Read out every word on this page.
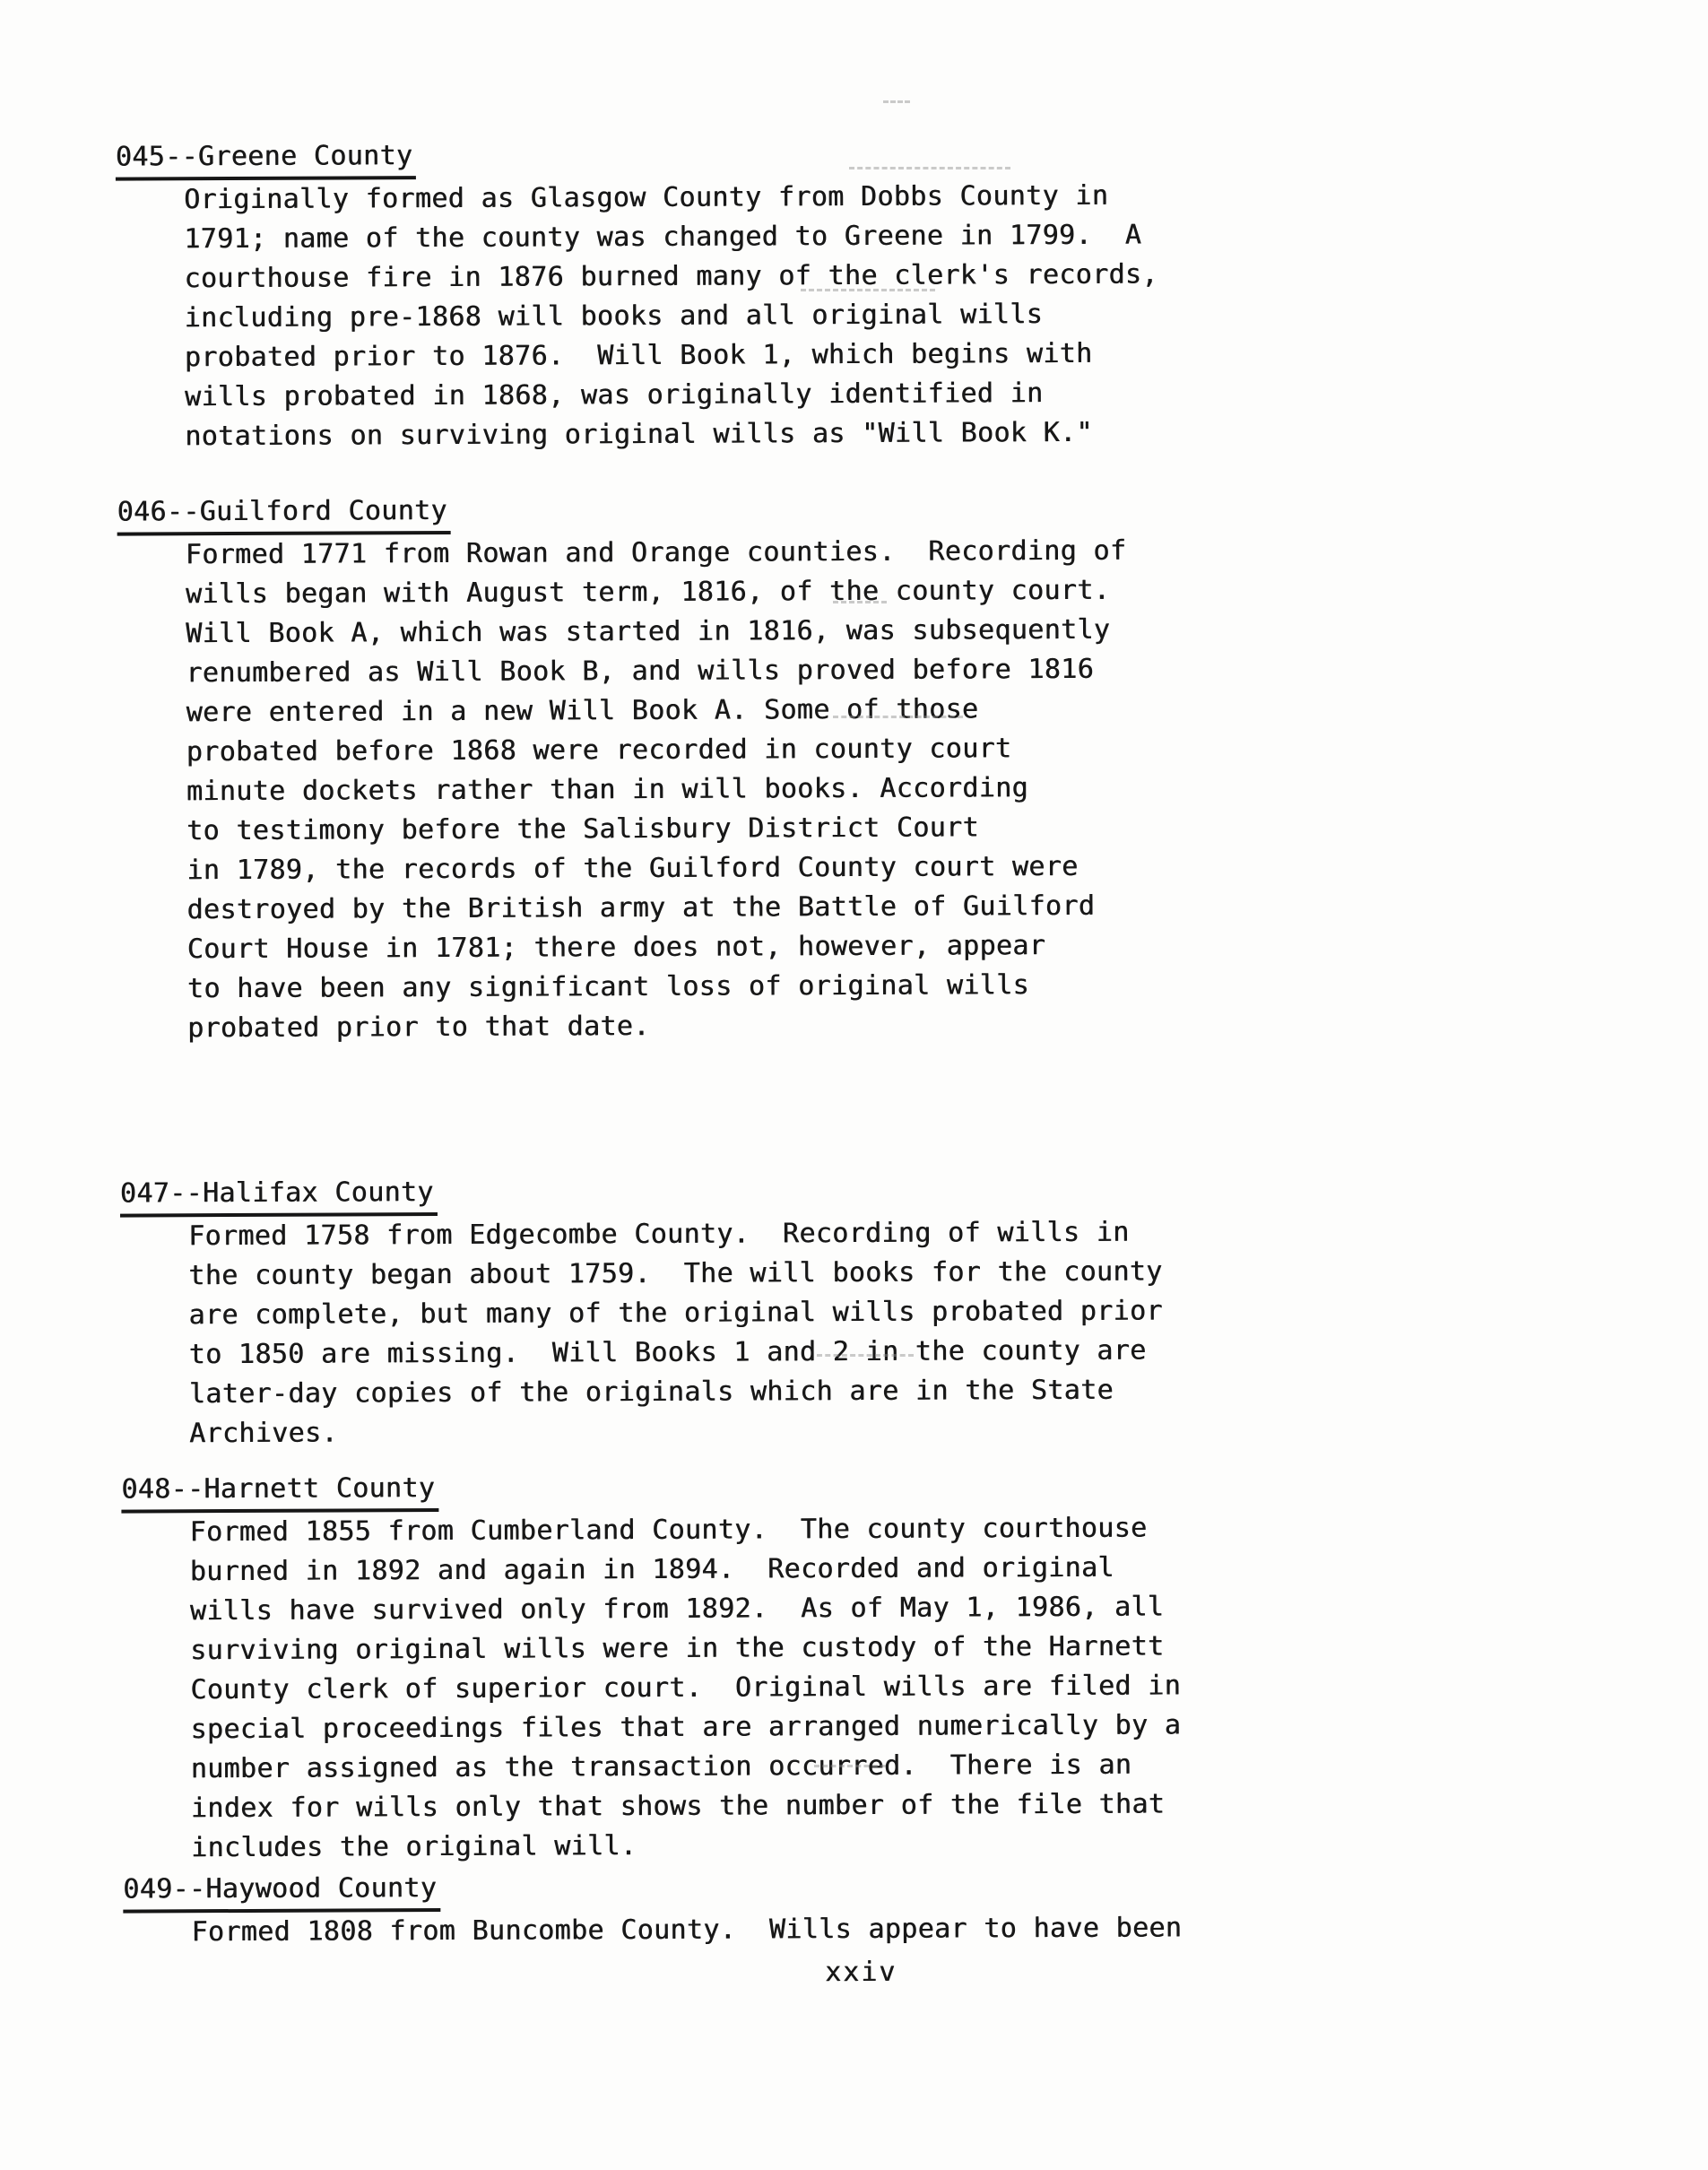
045--Greene County
Originally formed as Glasgow County from Dobbs County in
1791; name of the county was changed to Greene in 1799.  A
courthouse fire in 1876 burned many of the clerk's records,
including pre-1868 will books and all original wills
probated prior to 1876.  Will Book 1, which begins with
wills probated in 1868, was originally identified in
notations on surviving original wills as "Will Book K."
046--Guilford County
Formed 1771 from Rowan and Orange counties.  Recording of
wills began with August term, 1816, of the county court.
Will Book A, which was started in 1816, was subsequently
renumbered as Will Book B, and wills proved before 1816
were entered in a new Will Book A. Some of those
probated before 1868 were recorded in county court
minute dockets rather than in will books. According
to testimony before the Salisbury District Court
in 1789, the records of the Guilford County court were
destroyed by the British army at the Battle of Guilford
Court House in 1781; there does not, however, appear
to have been any significant loss of original wills
probated prior to that date.
047--Halifax County
Formed 1758 from Edgecombe County.  Recording of wills in
the county began about 1759.  The will books for the county
are complete, but many of the original wills probated prior
to 1850 are missing.  Will Books 1 and 2 in the county are
later-day copies of the originals which are in the State
Archives.
048--Harnett County
Formed 1855 from Cumberland County.  The county courthouse
burned in 1892 and again in 1894.  Recorded and original
wills have survived only from 1892.  As of May 1, 1986, all
surviving original wills were in the custody of the Harnett
County clerk of superior court.  Original wills are filed in
special proceedings files that are arranged numerically by a
number assigned as the transaction occurred.  There is an
index for wills only that shows the number of the file that
includes the original will.
049--Haywood County
Formed 1808 from Buncombe County.  Wills appear to have been
xxiv
